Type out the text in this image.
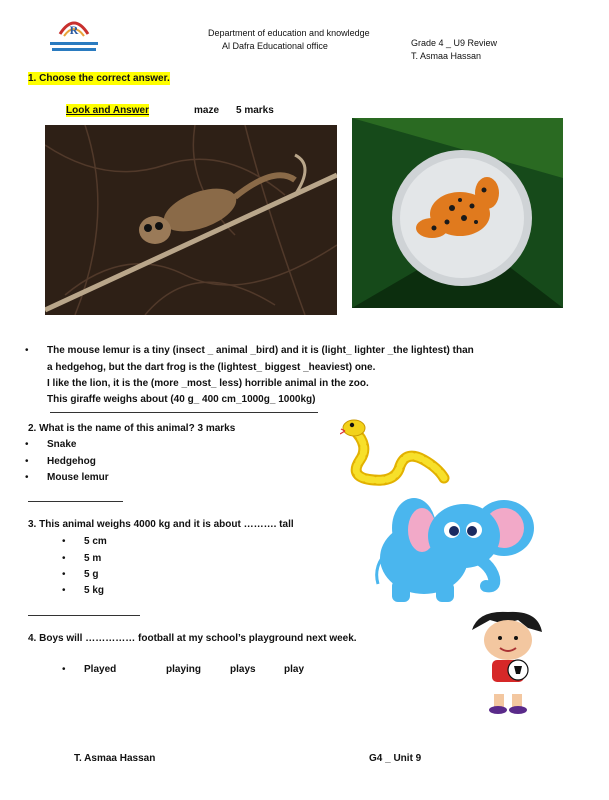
R	Department of education and knowledge
Al Dafra Educational office	Grade 4 _ U9 Review
T. Asmaa Hassan
1. Choose the correct answer.
Look and Answer	maze 5 marks
The mouse lemur is a tiny (insect _ animal _bird) and it is (light_ lighter _the lightest) than
a hedgehog, but the dart frog is the (lightest_ biggest _heaviest) one.
I like the lion, it is the (more _most_ less) horrible animal in the zoo.
This giraffe weighs about (40 g_ 400 cm_1000g_ 1000kg)
2. What is the name of this animal? 3 marks
Snake
Hedgehog
Mouse lemur
3. This animal weighs 4000 kg and it is about ………. tall
5 cm
5 m
5 g
5 kg
4. Boys will …………… football at my school’s playground next week.
Played	playing	plays	play
T. Asmaa Hassan	G4 _ Unit 9
